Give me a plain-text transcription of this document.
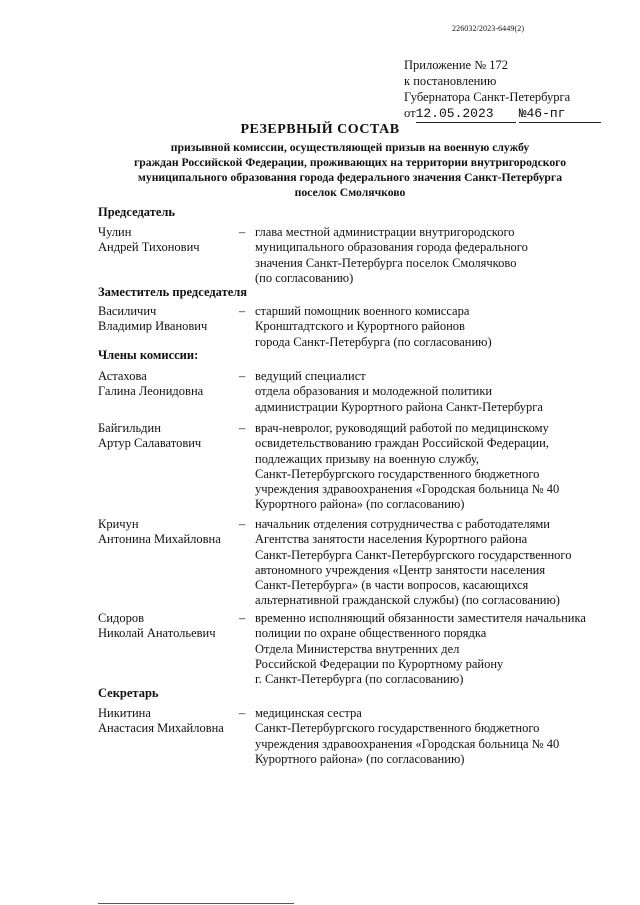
226032/2023-6449(2)
Приложение № 172
к постановлению
Губернатора Санкт-Петербурга
от12.05.2023 №46-пг
РЕЗЕРВНЫЙ СОСТАВ
призывной комиссии, осуществляющей призыв на военную службу
граждан Российской Федерации, проживающих на территории внутригородского
муниципального образования города федерального значения Санкт-Петербурга
поселок Смолячково
Председатель
Чулин
Андрей Тихонович
– глава местной администрации внутригородского
муниципального образования города федерального
значения Санкт-Петербурга поселок Смолячково
(по согласованию)
Заместитель председателя
Василичич
Владимир Иванович
– старший помощник военного комиссара
Кронштадтского и Курортного районов
города Санкт-Петербурга (по согласованию)
Члены комиссии:
Астахова
Галина Леонидовна
– ведущий специалист
отдела образования и молодежной политики
администрации Курортного района Санкт-Петербурга
Байгильдин
Артур Салаватович
– врач-невролог, руководящий работой по медицинскому
освидетельствованию граждан Российской Федерации,
подлежащих призыву на военную службу,
Санкт-Петербургского государственного бюджетного
учреждения здравоохранения «Городская больница № 40
Курортного района» (по согласованию)
Кричун
Антонина Михайловна
– начальник отделения сотрудничества с работодателями
Агентства занятости населения Курортного района
Санкт-Петербурга Санкт-Петербургского государственного
автономного учреждения «Центр занятости населения
Санкт-Петербурга» (в части вопросов, касающихся
альтернативной гражданской службы) (по согласованию)
Сидоров
Николай Анатольевич
– временно исполняющий обязанности заместителя начальника
полиции по охране общественного порядка
Отдела Министерства внутренних дел
Российской Федерации по Курортному району
г. Санкт-Петербурга (по согласованию)
Секретарь
Никитина
Анастасия Михайловна
– медицинская сестра
Санкт-Петербургского государственного бюджетного
учреждения здравоохранения «Городская больница № 40
Курортного района» (по согласованию)
